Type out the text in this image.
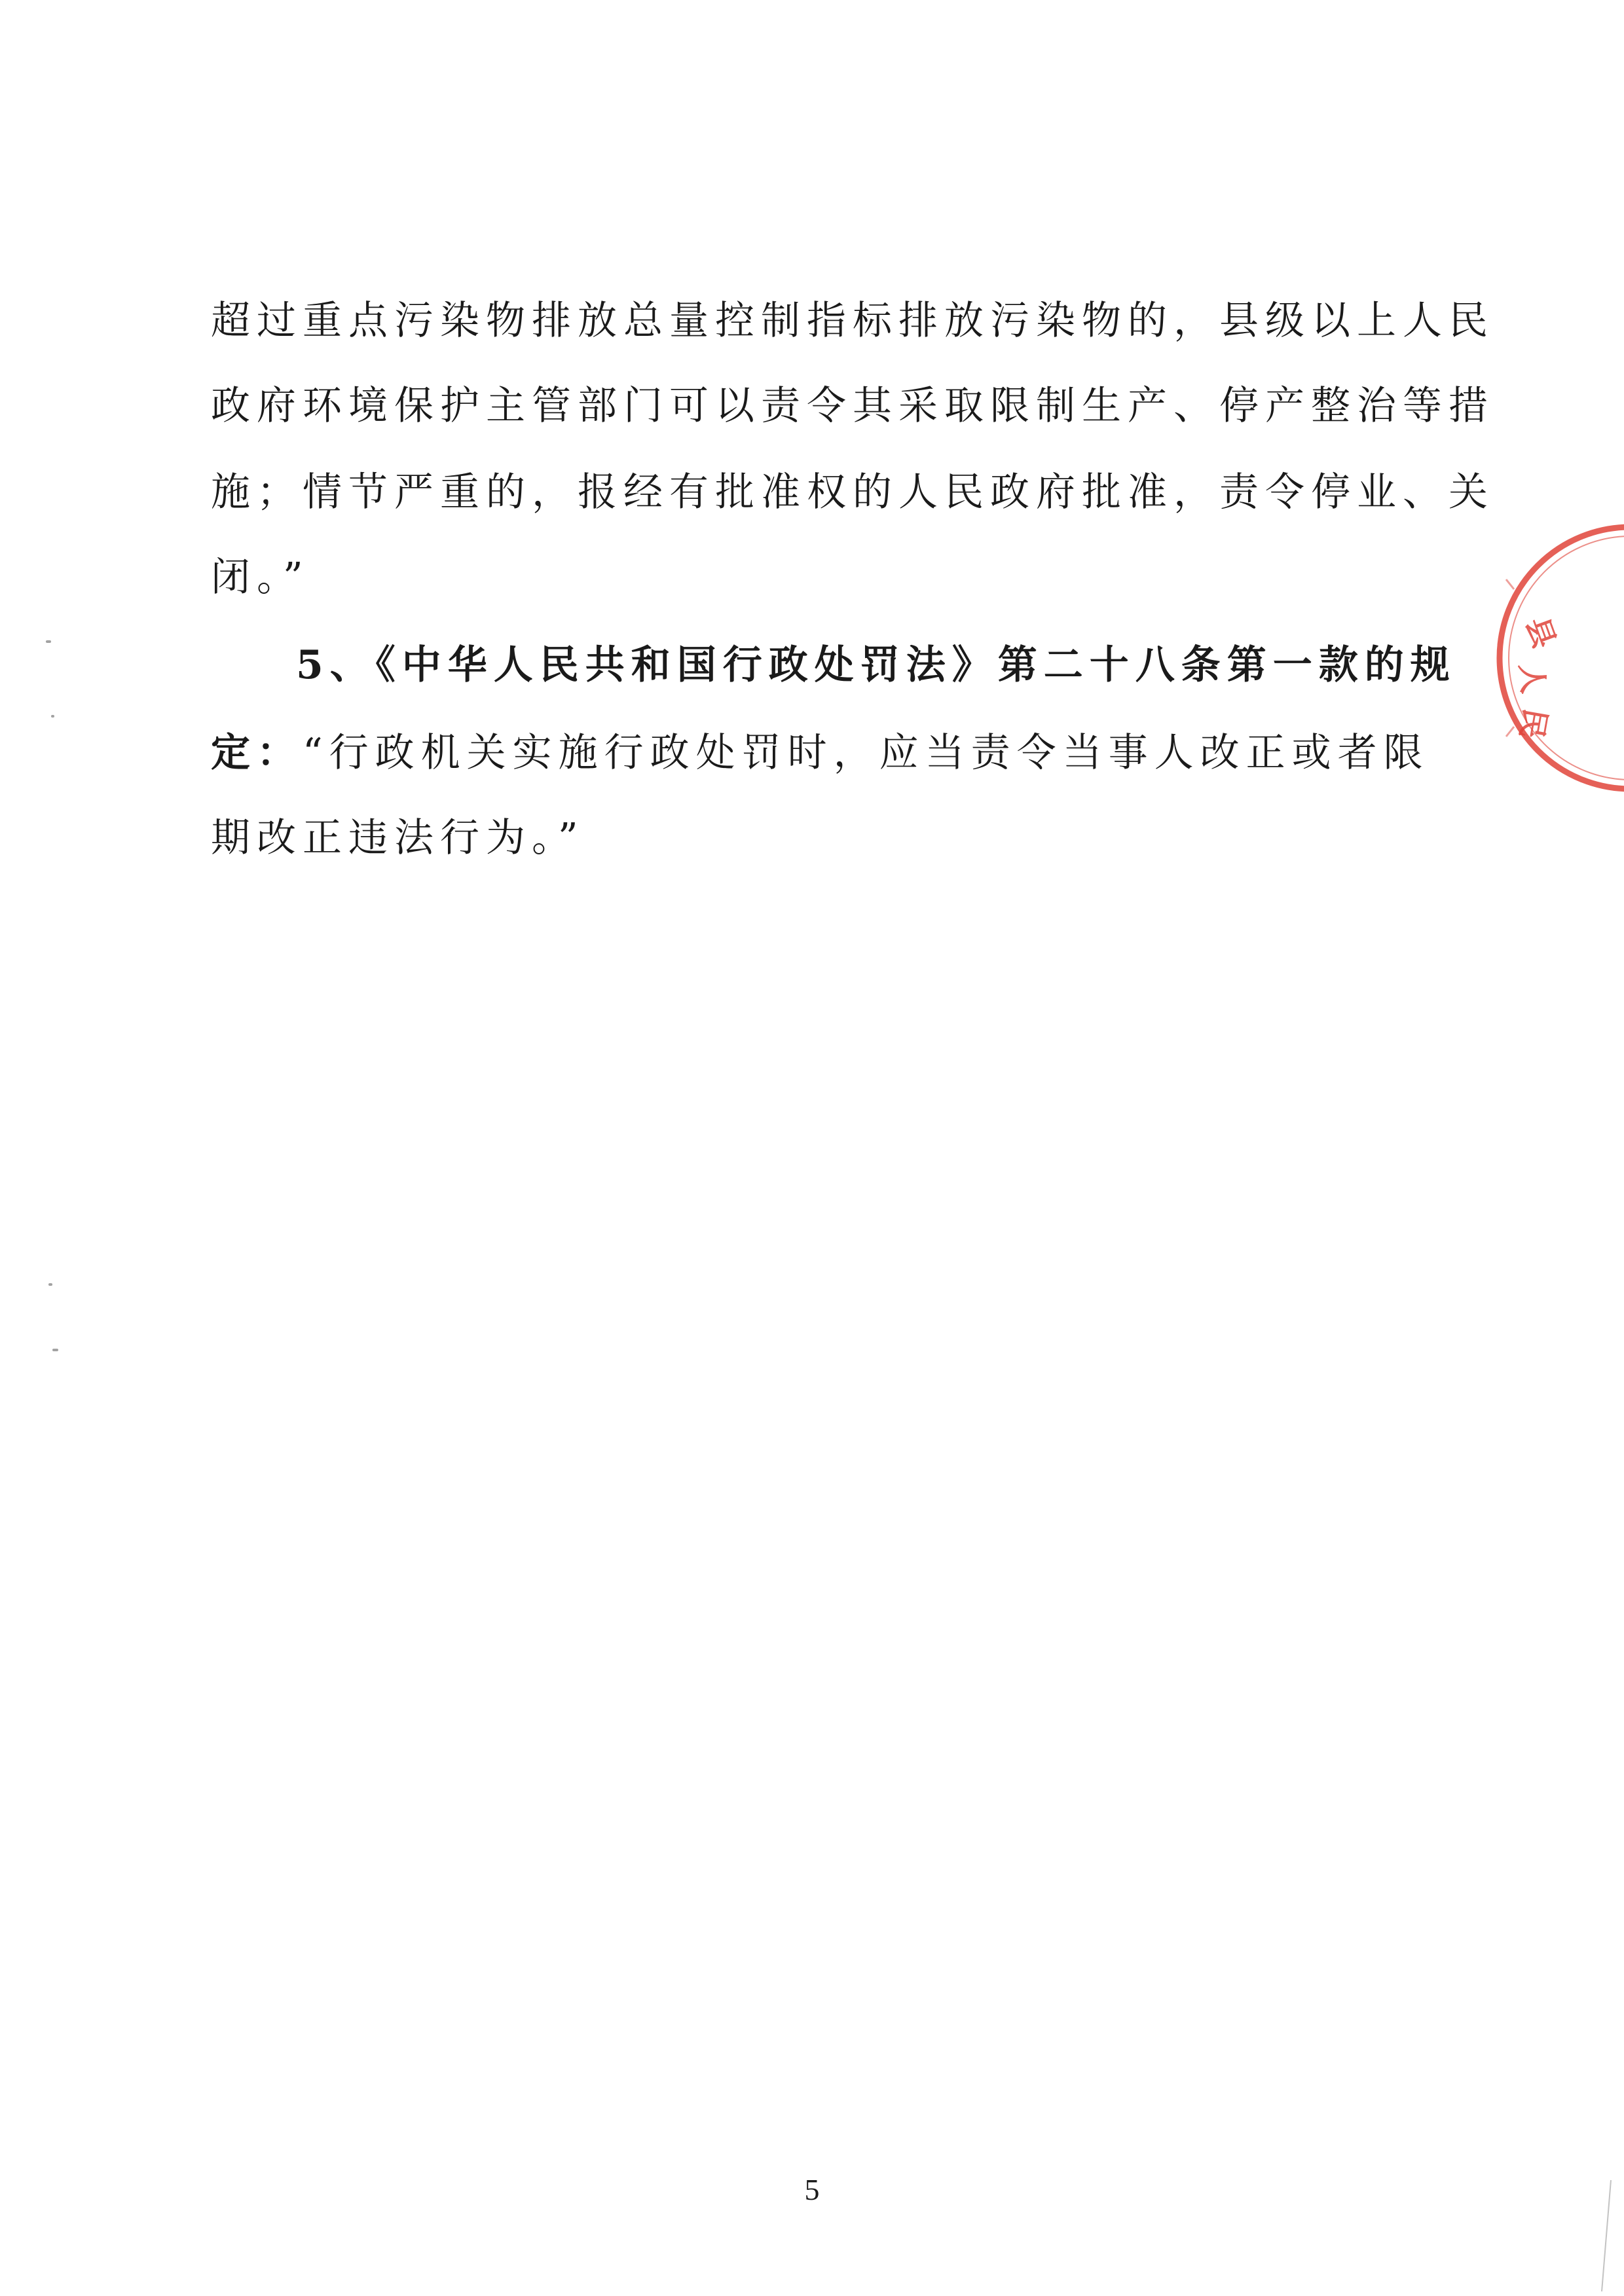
超过重点污染物排放总量控制指标排放污染物的，县级以上人民
政府环境保护主管部门可以责令其采取限制生产、停产整治等措
施；情节严重的，报经有批准权的人民政府批准，责令停业、关
闭。”
5、《中华人民共和国行政处罚法》第二十八条第一款的规
定：“行政机关实施行政处罚时，应当责令当事人改正或者限
期改正违法行为。”
5
县
人
民
